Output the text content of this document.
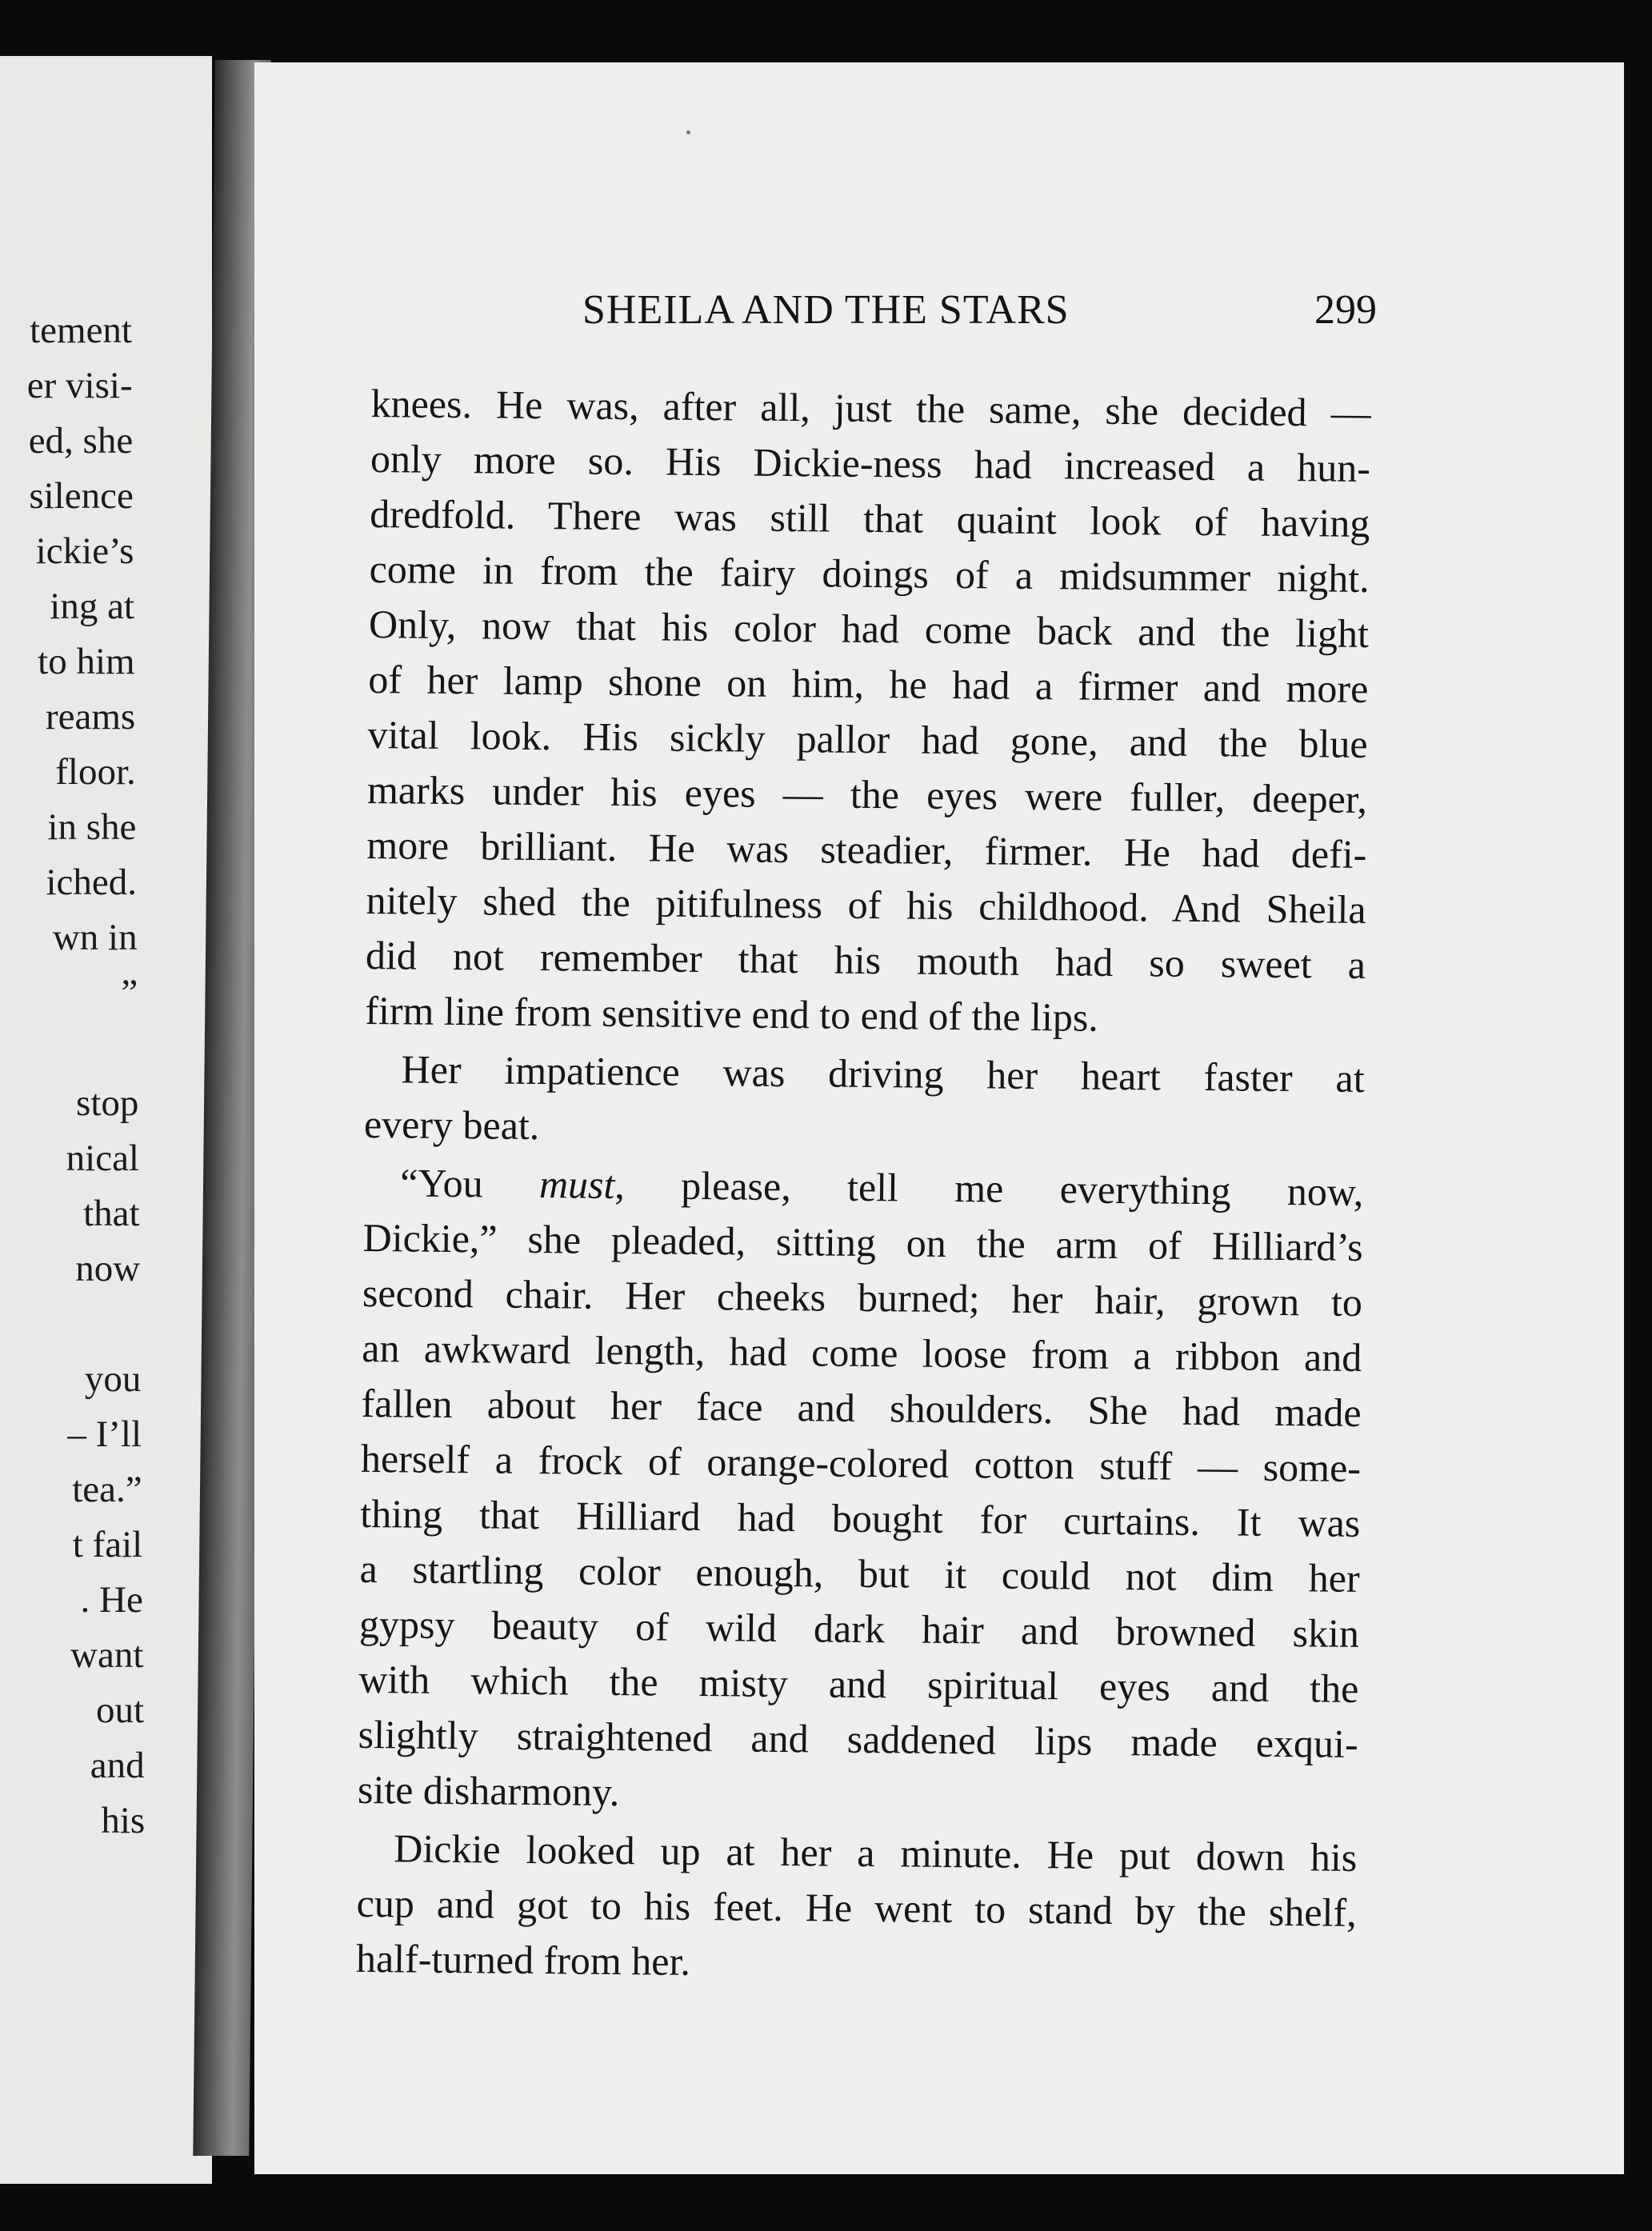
tement
er visi-
ed, she
silence
ickie’s
ing at
to him
reams
floor.
in she
iched.
wn in
”
stop
nical
that
now
you
– I’ll
tea.”
t fail
. He
want
out
and
his
SHEILA AND THE STARS	299
knees. He was, after all, just the same, she decided —
only more so. His Dickie-ness had increased a hun-
dredfold. There was still that quaint look of having
come in from the fairy doings of a midsummer night.
Only, now that his color had come back and the light
of her lamp shone on him, he had a firmer and more
vital look. His sickly pallor had gone, and the blue
marks under his eyes — the eyes were fuller, deeper,
more brilliant. He was steadier, firmer. He had defi-
nitely shed the pitifulness of his childhood. And Sheila
did not remember that his mouth had so sweet a
firm line from sensitive end to end of the lips.
Her impatience was driving her heart faster at
every beat.
“You must, please, tell me everything now,
Dickie,” she pleaded, sitting on the arm of Hilliard’s
second chair. Her cheeks burned; her hair, grown to
an awkward length, had come loose from a ribbon and
fallen about her face and shoulders. She had made
herself a frock of orange-colored cotton stuff — some-
thing that Hilliard had bought for curtains. It was
a startling color enough, but it could not dim her
gypsy beauty of wild dark hair and browned skin
with which the misty and spiritual eyes and the
slightly straightened and saddened lips made exqui-
site disharmony.
Dickie looked up at her a minute. He put down his
cup and got to his feet. He went to stand by the shelf,
half-turned from her.
